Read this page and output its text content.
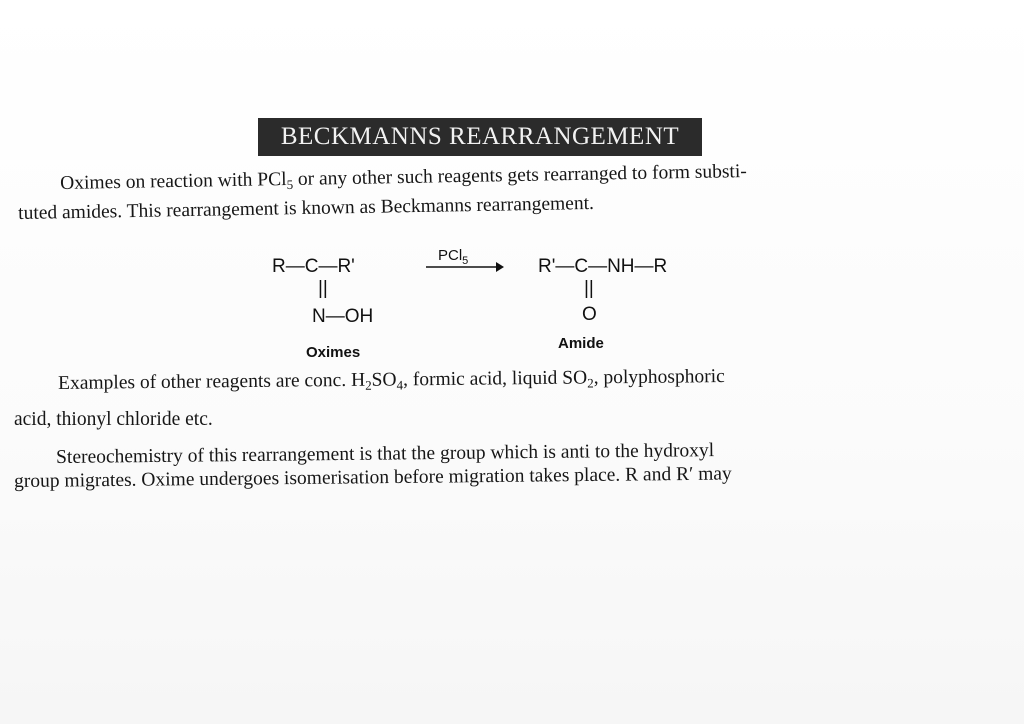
BECKMANNS REARRANGEMENT
Oximes on reaction with PCl$_5$ or any other such reagents gets rearranged to form substi-
tuted amides. This rearrangement is known as Beckmanns rearrangement.
R—C—R'
||
N—OH
Oximes
PCl$_5$	R'—C—NH—R
||
O
Amide
Examples of other reagents are conc. $H_2SO_4$, formic acid, liquid $SO_2$, polyphosphoric
acid, thionyl chloride etc.
Stereochemistry of this rearrangement is that the group which is anti to the hydroxyl
group migrates. Oxime undergoes isomerisation before migration takes place. R and R′ may
